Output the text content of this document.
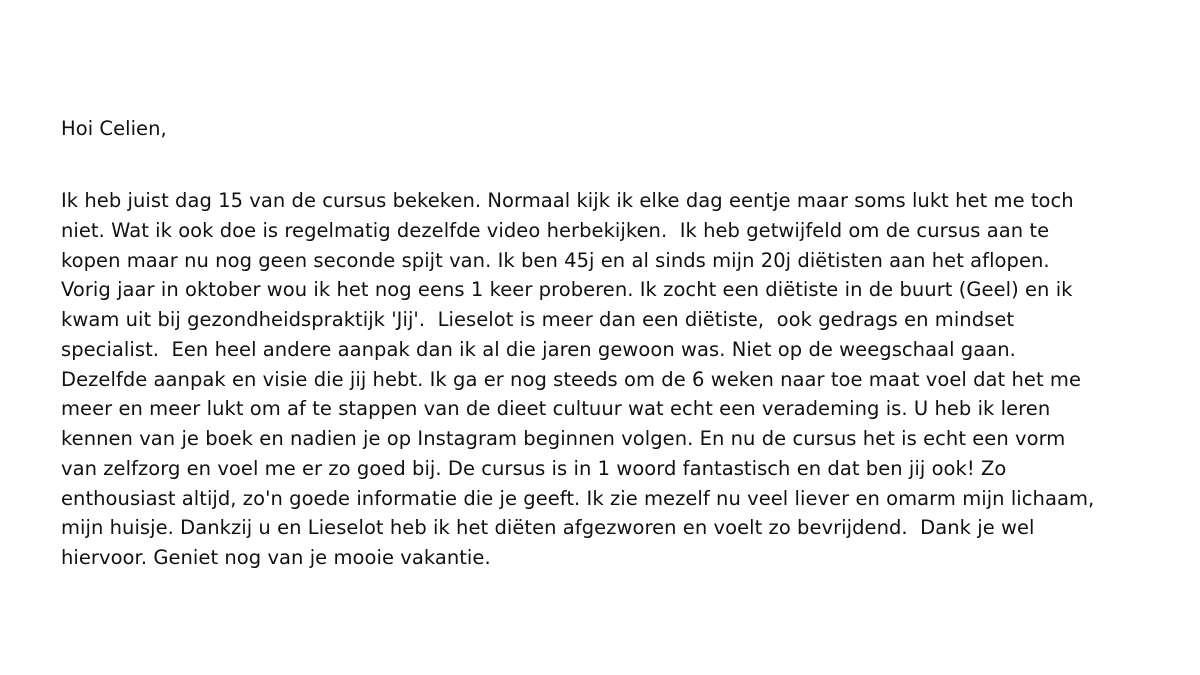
Hoi Celien,

Ik heb juist dag 15 van de cursus bekeken. Normaal kijk ik elke dag eentje maar soms lukt het me toch

niet. Wat ik ook doe is regelmatig dezelfde video herbekijken.  Ik heb getwijfeld om de cursus aan te

kopen maar nu nog geen seconde spijt van. Ik ben 45j en al sinds mijn 20j diëtisten aan het aflopen.

Vorig jaar in oktober wou ik het nog eens 1 keer proberen. Ik zocht een diëtiste in de buurt (Geel) en ik

kwam uit bij gezondheidspraktijk 'Jij'.  Lieselot is meer dan een diëtiste,  ook gedrags en mindset

specialist.  Een heel andere aanpak dan ik al die jaren gewoon was. Niet op de weegschaal gaan.

Dezelfde aanpak en visie die jij hebt. Ik ga er nog steeds om de 6 weken naar toe maat voel dat het me

meer en meer lukt om af te stappen van de dieet cultuur wat echt een verademing is. U heb ik leren

kennen van je boek en nadien je op Instagram beginnen volgen. En nu de cursus het is echt een vorm

van zelfzorg en voel me er zo goed bij. De cursus is in 1 woord fantastisch en dat ben jij ook! Zo

enthousiast altijd, zo'n goede informatie die je geeft. Ik zie mezelf nu veel liever en omarm mijn lichaam,

mijn huisje. Dankzij u en Lieselot heb ik het diëten afgezworen en voelt zo bevrijdend.  Dank je wel

hiervoor. Geniet nog van je mooie vakantie.
